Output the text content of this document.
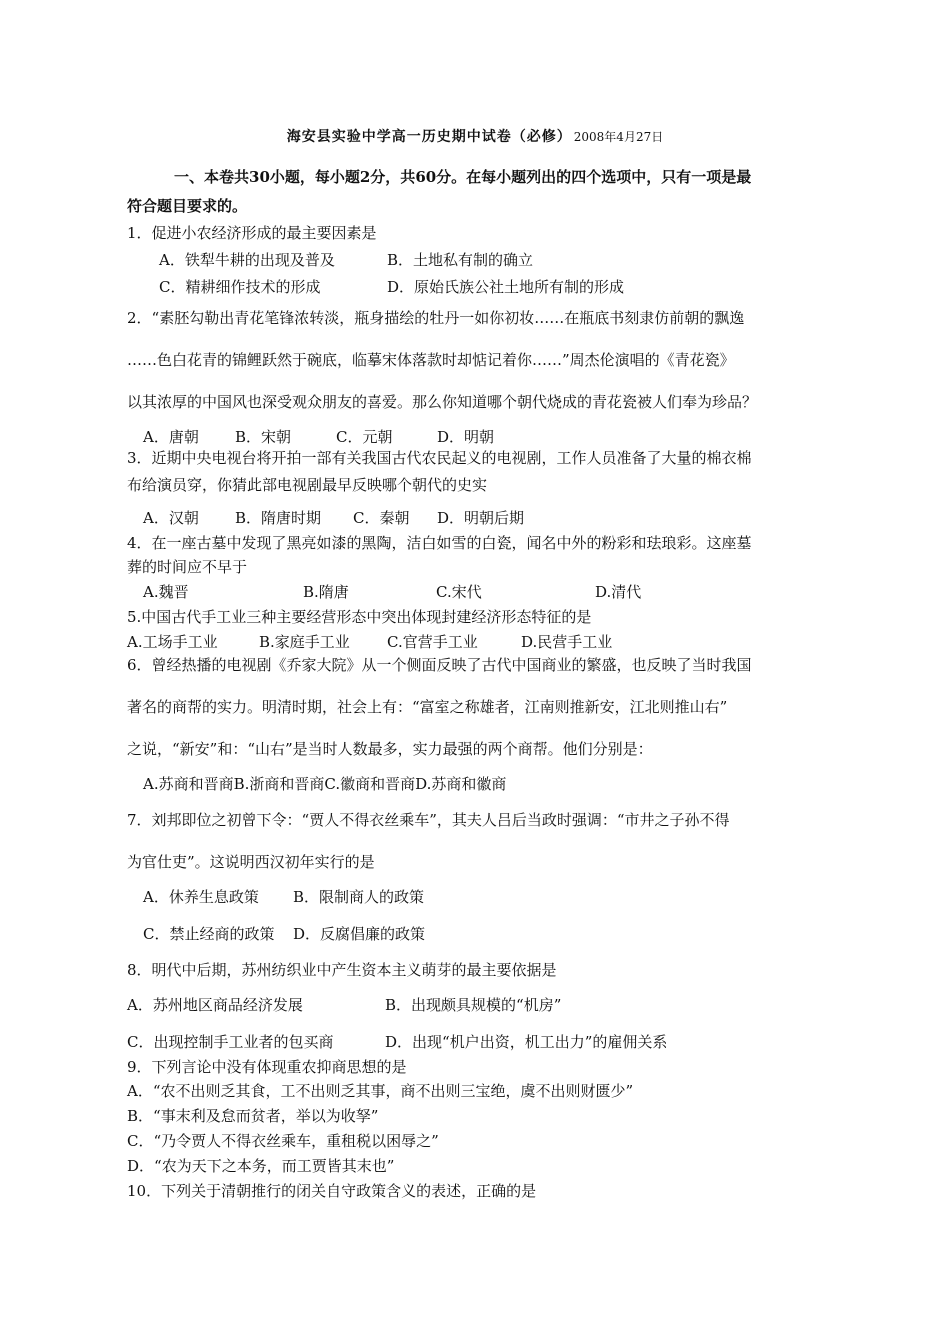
海安县实验中学高一历史期中试卷（必修） 2008年4月27日
一、本卷共30小题，每小题2分，共60分。在每小题列出的四个选项中，只有一项是最
符合题目要求的。
1．促进小农经济形成的最主要因素是
A．铁犁牛耕的出现及普及	B．土地私有制的确立
C．精耕细作技术的形成	D．原始氏族公社土地所有制的形成
2．“素胚勾勒出青花笔锋浓转淡，瓶身描绘的牡丹一如你初妆……在瓶底书刻隶仿前朝的飘逸
……色白花青的锦鲤跃然于碗底，临摹宋体落款时却惦记着你……”周杰伦演唱的《青花瓷》
以其浓厚的中国风也深受观众朋友的喜爱。那么你知道哪个朝代烧成的青花瓷被人们奉为珍品？
A．唐朝 B．宋朝	C．元朝	D．明朝
3．近期中央电视台将开拍一部有关我国古代农民起义的电视剧，工作人员准备了大量的棉衣棉
布给演员穿，你猜此部电视剧最早反映哪个朝代的史实
A．汉朝 B．隋唐时期 C．秦朝 D．明朝后期
4．在一座古墓中发现了黑亮如漆的黑陶，洁白如雪的白瓷，闻名中外的粉彩和珐琅彩。这座墓
葬的时间应不早于
A.魏晋	B.隋唐	C.宋代	D.清代
5.中国古代手工业三种主要经营形态中突出体现封建经济形态特征的是
A.工场手工业	B.家庭手工业 C.官营手工业	D.民营手工业
6．曾经热播的电视剧《乔家大院》从一个侧面反映了古代中国商业的繁盛，也反映了当时我国
著名的商帮的实力。明清时期，社会上有：“富室之称雄者，江南则推新安，江北则推山右”
之说，“新安”和：“山右”是当时人数最多，实力最强的两个商帮。他们分别是：
A.苏商和晋商B.浙商和晋商C.徽商和晋商D.苏商和徽商
7．刘邦即位之初曾下令：“贾人不得衣丝乘车”，其夫人吕后当政时强调：“市井之子孙不得
为官仕吏”。这说明西汉初年实行的是
A．休养生息政策 B．限制商人的政策
C．禁止经商的政策 D．反腐倡廉的政策
8．明代中后期，苏州纺织业中产生资本主义萌芽的最主要依据是
A．苏州地区商品经济发展	B．出现颇具规模的“机房”
C．出现控制手工业者的包买商	D．出现“机户出资，机工出力”的雇佣关系
9．下列言论中没有体现重农抑商思想的是
A．“农不出则乏其食，工不出则乏其事，商不出则三宝绝，虞不出则财匮少”
B．“事末利及怠而贫者，举以为收孥”
C．“乃令贾人不得衣丝乘车，重租税以困辱之”
D．“农为天下之本务，而工贾皆其末也”
10．下列关于清朝推行的闭关自守政策含义的表述，正确的是
